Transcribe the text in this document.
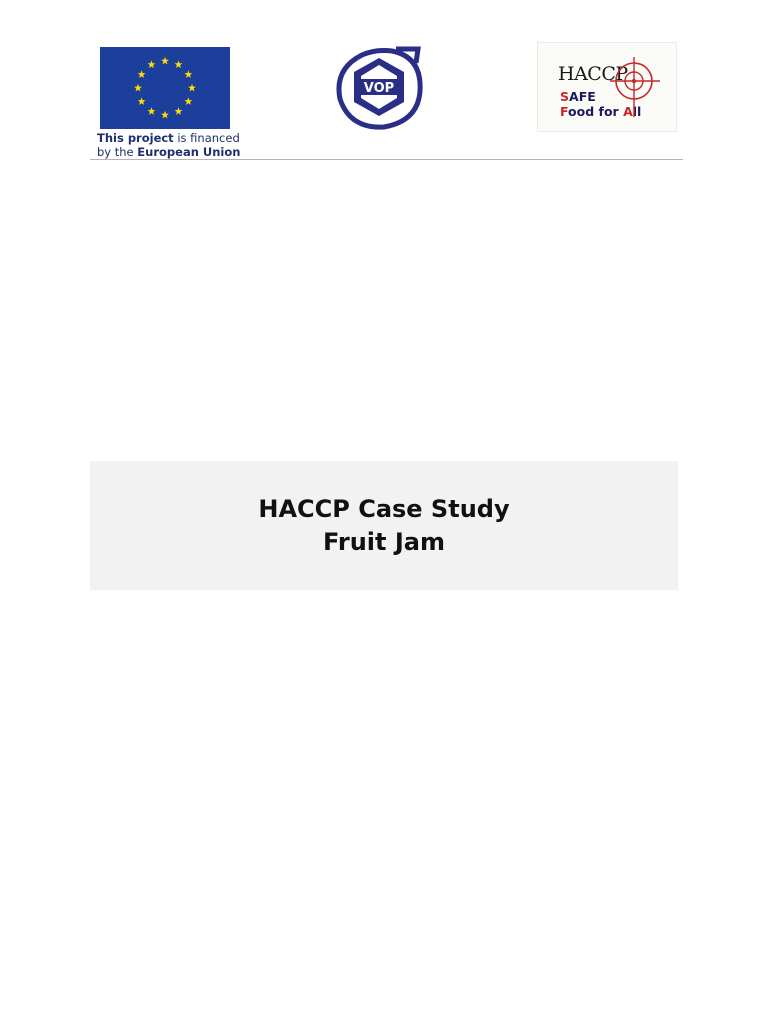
This project is financed
by the European Union
VOP
HACCP
SAFE
Food for All
HACCP Case Study
Fruit Jam
